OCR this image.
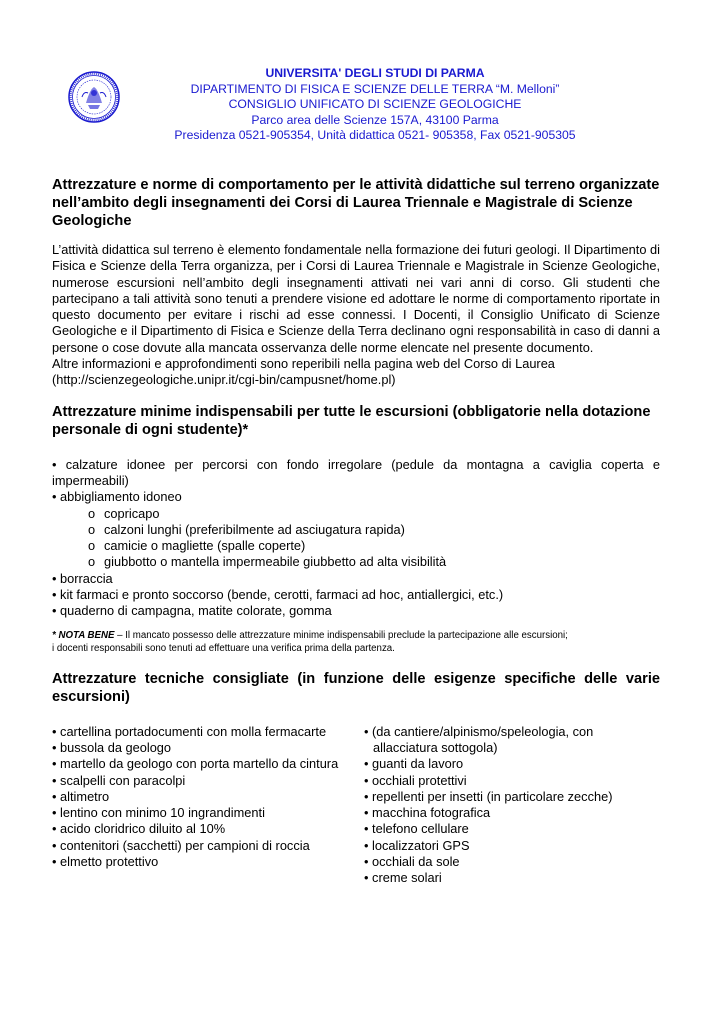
UNIVERSITA' DEGLI STUDI DI PARMA
DIPARTIMENTO DI FISICA E SCIENZE DELLE TERRA “M. Melloni”
CONSIGLIO UNIFICATO DI SCIENZE GEOLOGICHE
Parco area delle Scienze 157A, 43100 Parma
Presidenza 0521-905354, Unità didattica 0521- 905358, Fax 0521-905305
Attrezzature e norme di comportamento per le attività didattiche sul terreno organizzate nell’ambito degli insegnamenti dei Corsi di Laurea Triennale e Magistrale di Scienze Geologiche

L’attività didattica sul terreno è elemento fondamentale nella formazione dei futuri geologi. Il Dipartimento di Fisica e Scienze della Terra organizza, per i Corsi di Laurea Triennale e Magistrale in Scienze Geologiche, numerose escursioni nell’ambito degli insegnamenti attivati nei vari anni di corso. Gli studenti che partecipano a tali attività sono tenuti a prendere visione ed adottare le norme di comportamento riportate in questo documento per evitare i rischi ad esse connessi. I Docenti, il Consiglio Unificato di Scienze Geologiche e il Dipartimento di Fisica e Scienze della Terra declinano ogni responsabilità in caso di danni a persone o cose dovute alla mancata osservanza delle norme elencate nel presente documento.

Altre informazioni e approfondimenti sono reperibili nella pagina web del Corso di Laurea

(http://scienzegeologiche.unipr.it/cgi-bin/campusnet/home.pl)

Attrezzature minime indispensabili per tutte le escursioni (obbligatorie nella dotazione personale di ogni studente)*
• calzature idonee per percorsi con fondo irregolare (pedule da montagna a caviglia coperta e impermeabili)
• abbigliamento idoneo
o copricapo
o calzoni lunghi (preferibilmente ad asciugatura rapida)
o camicie o magliette (spalle coperte)
o giubbotto o mantella impermeabile giubbetto ad alta visibilità
• borraccia
• kit farmaci e pronto soccorso (bende, cerotti, farmaci ad hoc, antiallergici, etc.)
• quaderno di campagna, matite colorate, gomma
* NOTA BENE – Il mancato possesso delle attrezzature minime indispensabili preclude la partecipazione alle escursioni;
i docenti responsabili sono tenuti ad effettuare una verifica prima della partenza.
Attrezzature tecniche consigliate (in funzione delle esigenze specifiche delle varie escursioni)
• cartellina portadocumenti con molla fermacarte
• bussola da geologo
• martello da geologo con porta martello da cintura
• scalpelli con paracolpi
• altimetro
• lentino con minimo 10 ingrandimenti
• acido cloridrico diluito al 10%
• contenitori (sacchetti) per campioni di roccia
• elmetto protettivo
• (da cantiere/alpinismo/speleologia, con allacciatura sottogola)
• guanti da lavoro
• occhiali protettivi
• repellenti per insetti (in particolare zecche)
• macchina fotografica
• telefono cellulare
• localizzatori GPS
• occhiali da sole
• creme solari
